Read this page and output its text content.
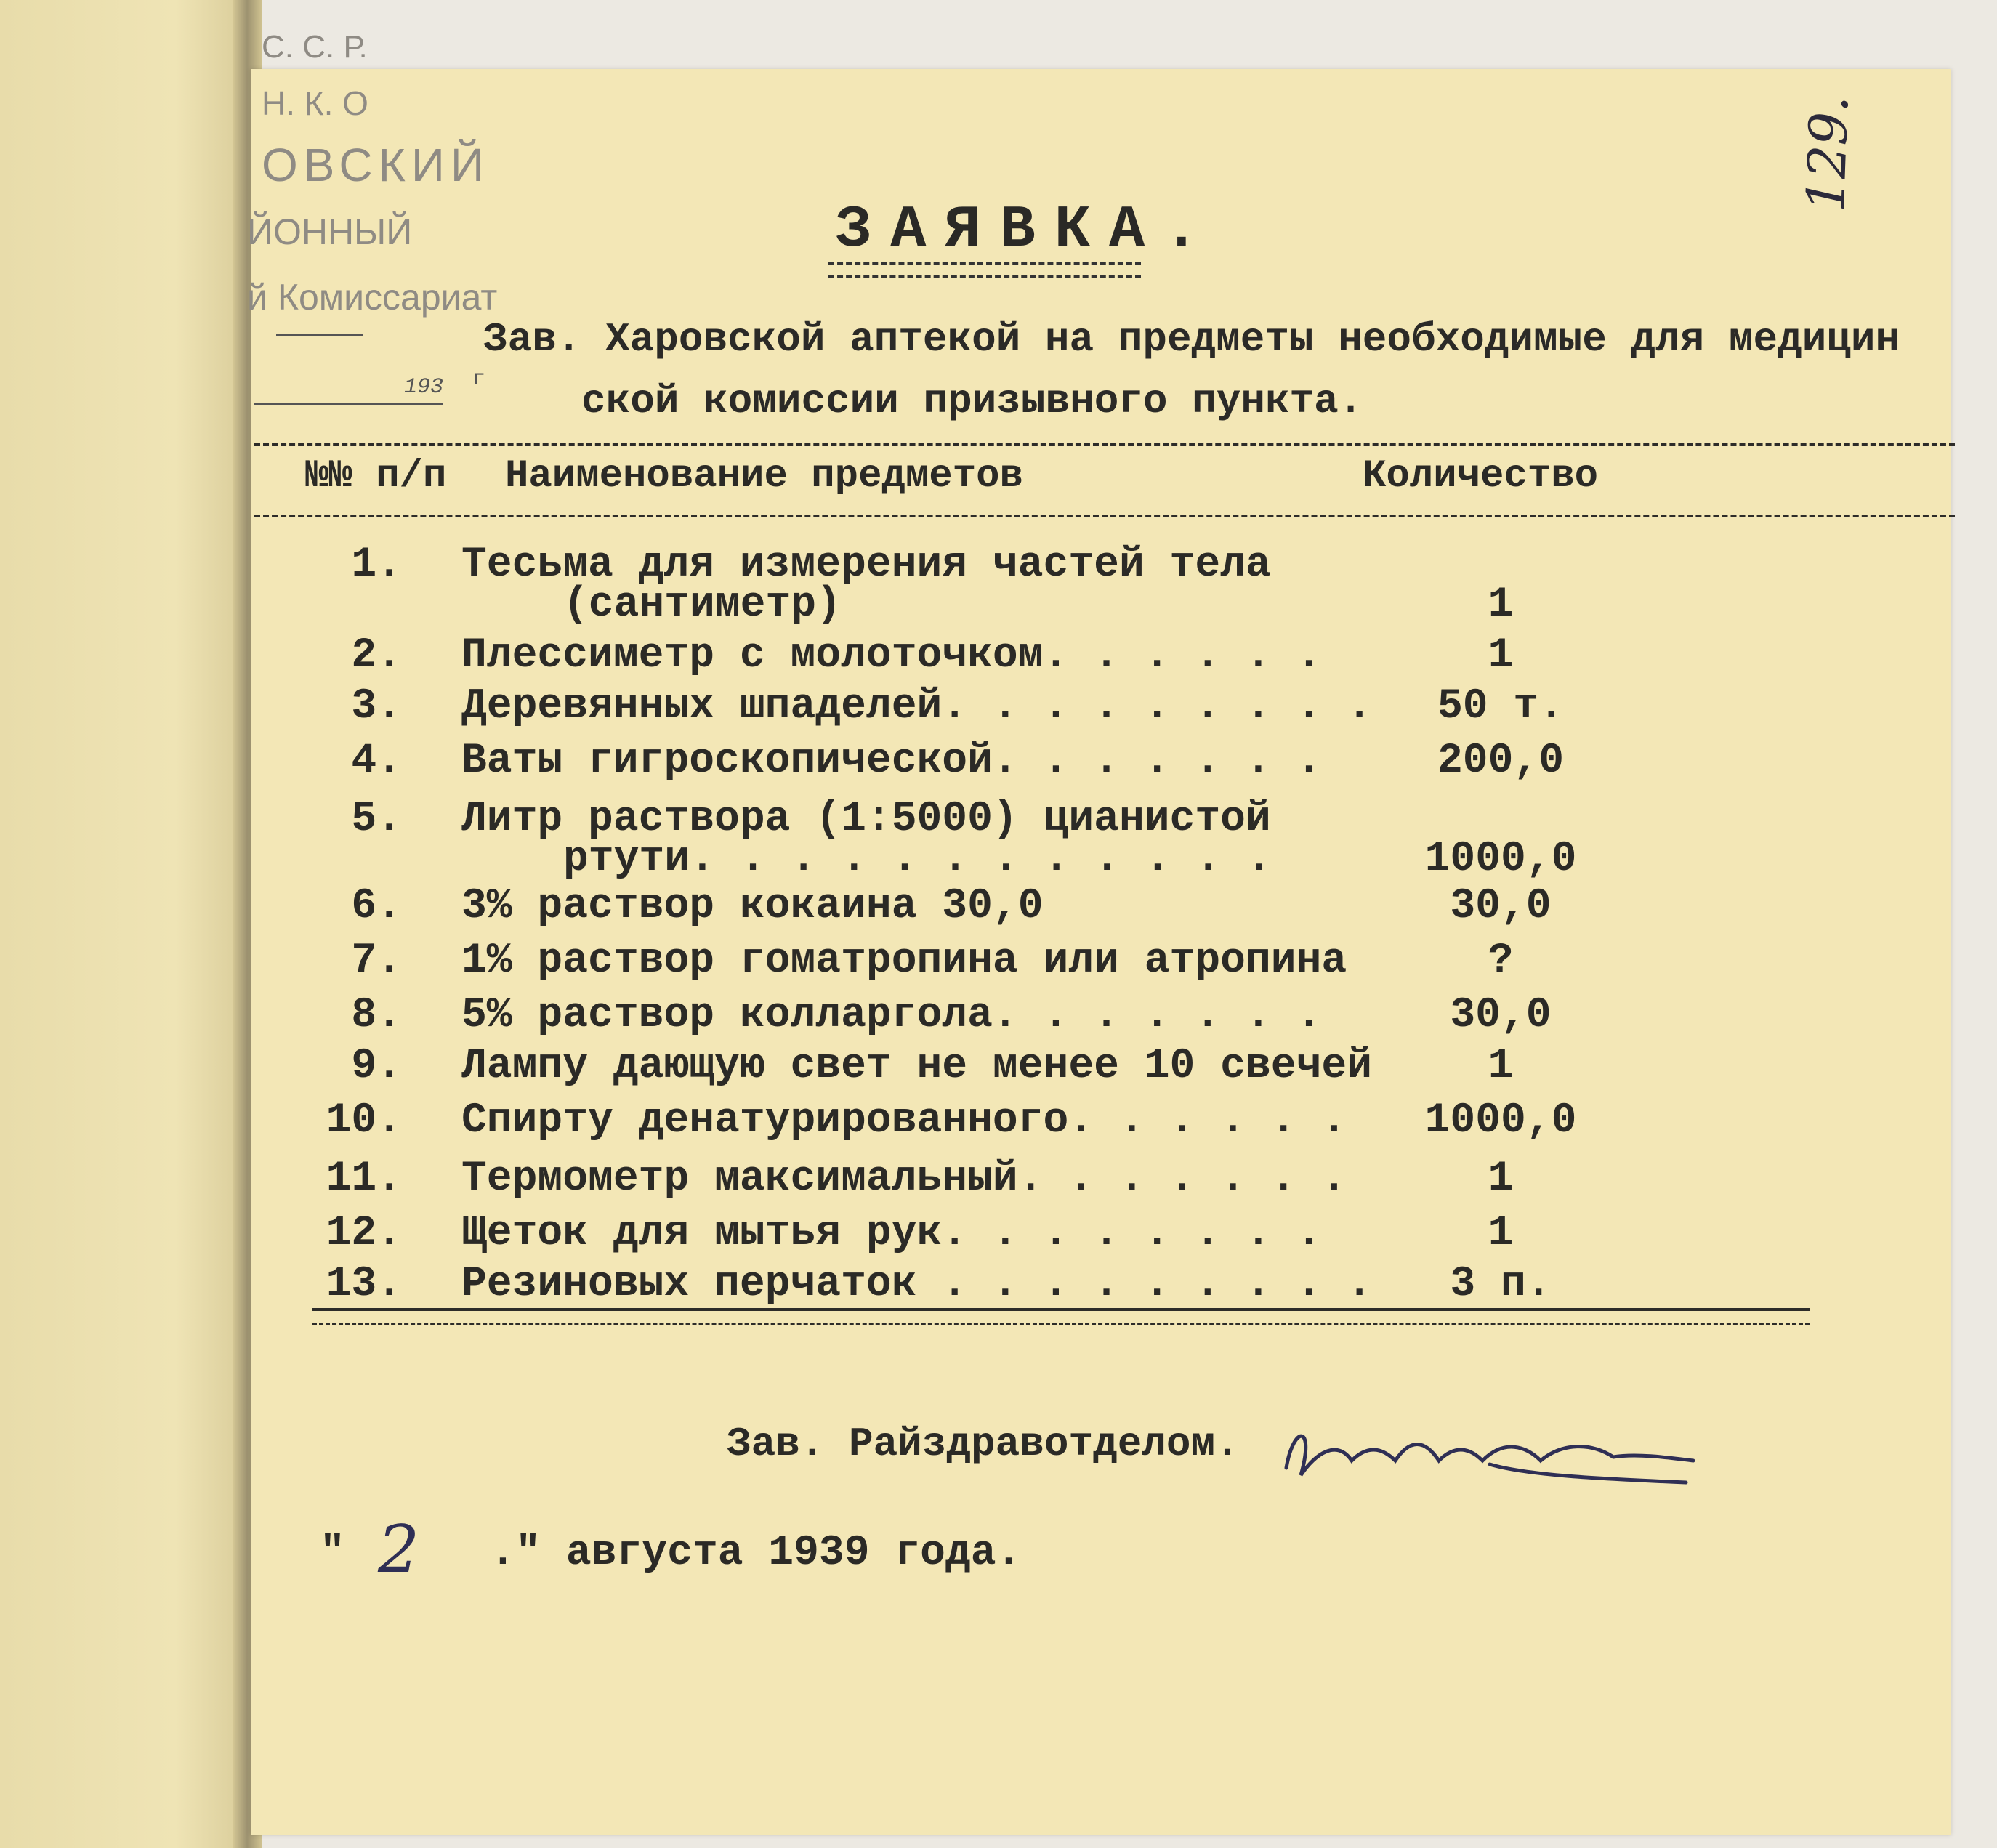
С. С. Р.
Н. К. О
ОВСКИЙ
ЙОННЫЙ
й Комиссариат
193 г
ЗАЯВКА.
129.
Зав. Харовской аптекой на предметы необходимые для медицин
ской комиссии призывного пункта.
№№ п/п Наименование предметов	Количество
1. Тесьма для измерения частей тела
(сантиметр)	1
2. Плессиметр с молоточком. . . . . .	1
3. Деревянных шпаделей. . . . . . . . .	50 т.
4. Ваты гигроскопической. . . . . . .	200,0
5. Литр раствора (1:5000) цианистой
ртути. . . . . . . . . . . .	1000,0
6. 3% раствор кокаина 30,0	30,0
7. 1% раствор гоматропина или атропина	?
8. 5% раствор колларгола. . . . . . .	30,0
9. Лампу дающую свет не менее 10 свечей	1
10. Спирту денатурированного. . . . . .	1000,0
11. Термометр максимальный. . . . . . .	1
12. Щеток для мытья рук. . . . . . . .	1
13. Резиновых перчаток . . . . . . . . .	3 п.
Зав. Райздравотделом.
"	." августа 1939 года.
2
